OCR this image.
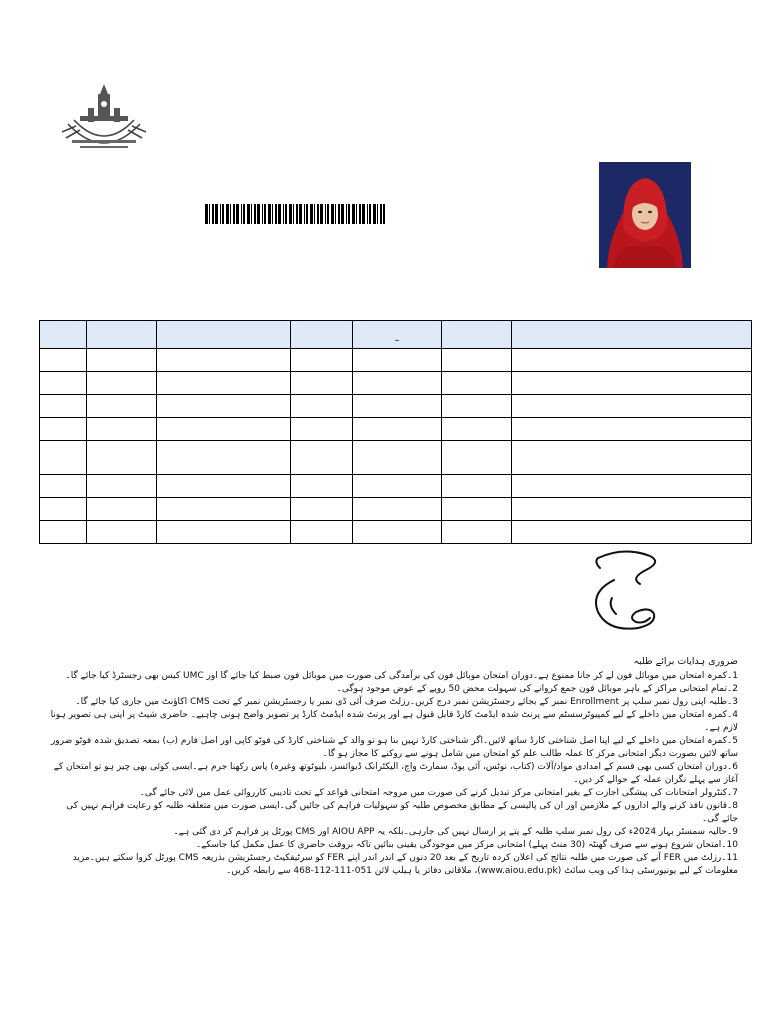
				–		

ضروری ہدایات برائے طلبہ

1۔کمرہ امتحان میں موبائل فون لے کر جانا ممنوع ہے۔دوران امتحان موبائل فون کی برآمدگی کی صورت میں موبائل فون ضبط کیا جائے گا اور UMC کیس بھی رجسٹرڈ کیا جائے گا۔

2۔تمام امتحانی مراکز کے باہر موبائل فون جمع کروانے کی سہولت محض 50 روپے کے عوض موجود ہوگی۔

3۔طلبہ اپنی رول نمبر سلپ پر Enrollment نمبر کے بجائے رجسٹریشن نمبر درج کریں۔رزلٹ صرف آئی ڈی نمبر یا رجسٹریشن نمبر کے تحت CMS اکاؤنٹ میں جاری کیا جائے گا۔

4۔کمرہ امتحان میں داخلے کے لیے کمپیوٹرسسٹم سے پرنٹ شدہ ایڈمٹ کارڈ قابل قبول ہے اور پرنٹ شدہ ایڈمٹ کارڈ پر تصویر واضح ہونی چاہیے۔ حاضری شیٹ پر اپنی ہی تصویر ہونا لازم ہے۔

5۔کمرہ امتحان میں داخلے کے لیے اپنا اصل شناختی کارڈ ساتھ لائیں۔اگر شناختی کارڈ نہیں بنا ہو تو والد کے شناختی کارڈ کی فوٹو کاپی اور اصل فارم (ب) بمعہ تصدیق شدہ فوٹو ضرور ساتھ لائیں بصورت دیگر امتحانی مرکز کا عملہ طالب علم کو امتحان میں شامل ہونے سے روکنے کا مجاز ہو گا۔

6۔دوران امتحان کسی بھی قسم کے امدادی مواد/آلات (کتاب، نوٹس، آئی پوڈ، سمارٹ واچ، الیکٹرانک ڈیوائسز، بلیوٹوتھ وغیرہ) پاس رکھنا جرم ہے۔ایسی کوئی بھی چیز ہو تو امتحان کے آغاز سے پہلے نگران عملہ کے حوالے کر دیں۔

7۔کنٹرولر امتحانات کی پیشگی اجازت کے بغیر امتحانی مرکز تبدیل کرنے کی صورت میں مروجہ امتحانی قواعد کے تحت تادیبی کارروائی عمل میں لائی جائے گی۔

8۔قانون نافذ کرنے والے اداروں کے ملازمین اور ان کی پالیسی کے مطابق مخصوص طلبہ کو سہولیات فراہم کی جائیں گی۔ایسی صورت میں متعلقہ طلبہ کو رعایت فراہم نہیں کی جائے گی۔

9۔حالیہ سمسٹر بہار 2024ء کی رول نمبر سلپ طلبہ کے پتے پر ارسال نہیں کی جارہی۔بلکہ یہ AIOU APP اور CMS پورٹل پر فراہم کر دی گئی ہے۔

10۔امتحان شروع ہونے سے صرف گھنٹہ (30 منٹ پہلے) امتحانی مرکز میں موجودگی یقینی بنائیں تاکہ بروقت حاضری کا عمل مکمل کیا جاسکے۔

11۔رزلٹ میں FER آنے کی صورت میں طلبہ نتائج کی اعلان کردہ تاریخ کے بعد 20 دنوں کے اندر اندر اپنے FER کو سرٹیفکیٹ رجسٹریشن بذریعہ CMS پورٹل کروا سکتے ہیں۔مزید معلومات کے لیے یونیورسٹی ہذا کی ویب سائٹ (www.aiou.edu.pk)، ملاقاتی دفاتر یا ہیلپ لائن 051-111-112-468 سے رابطہ کریں۔
